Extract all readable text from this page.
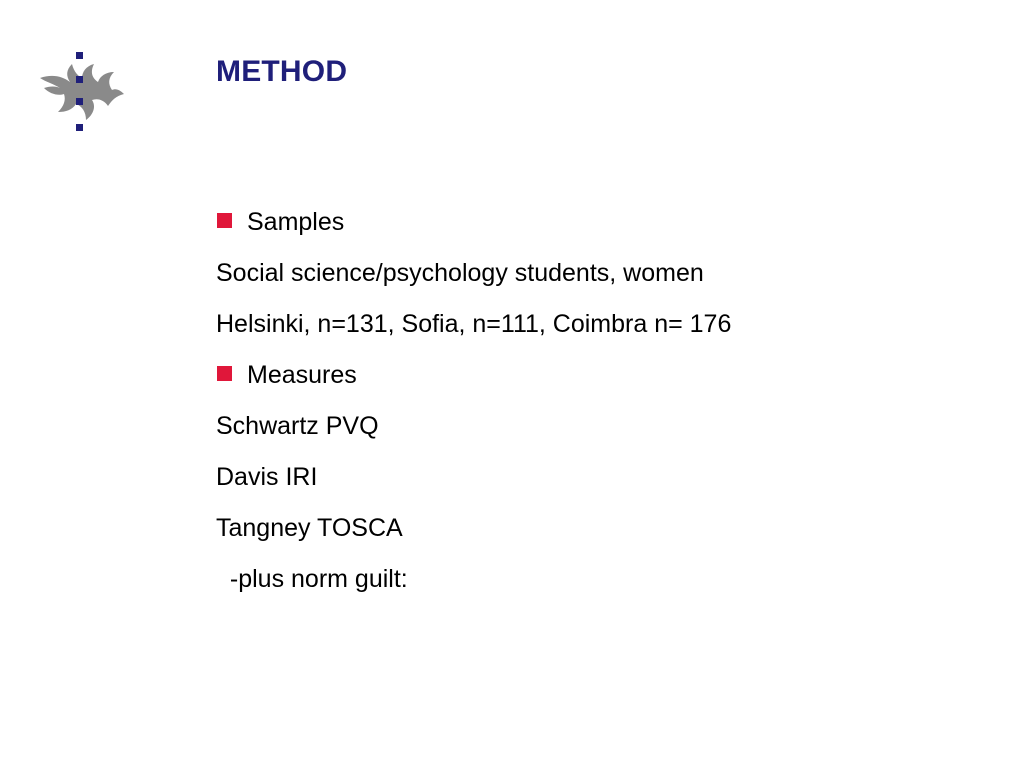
METHOD
Samples
Social science/psychology students, women
Helsinki, n=131, Sofia, n=111, Coimbra n= 176
Measures
Schwartz PVQ
Davis IRI
Tangney TOSCA
-plus norm guilt:
